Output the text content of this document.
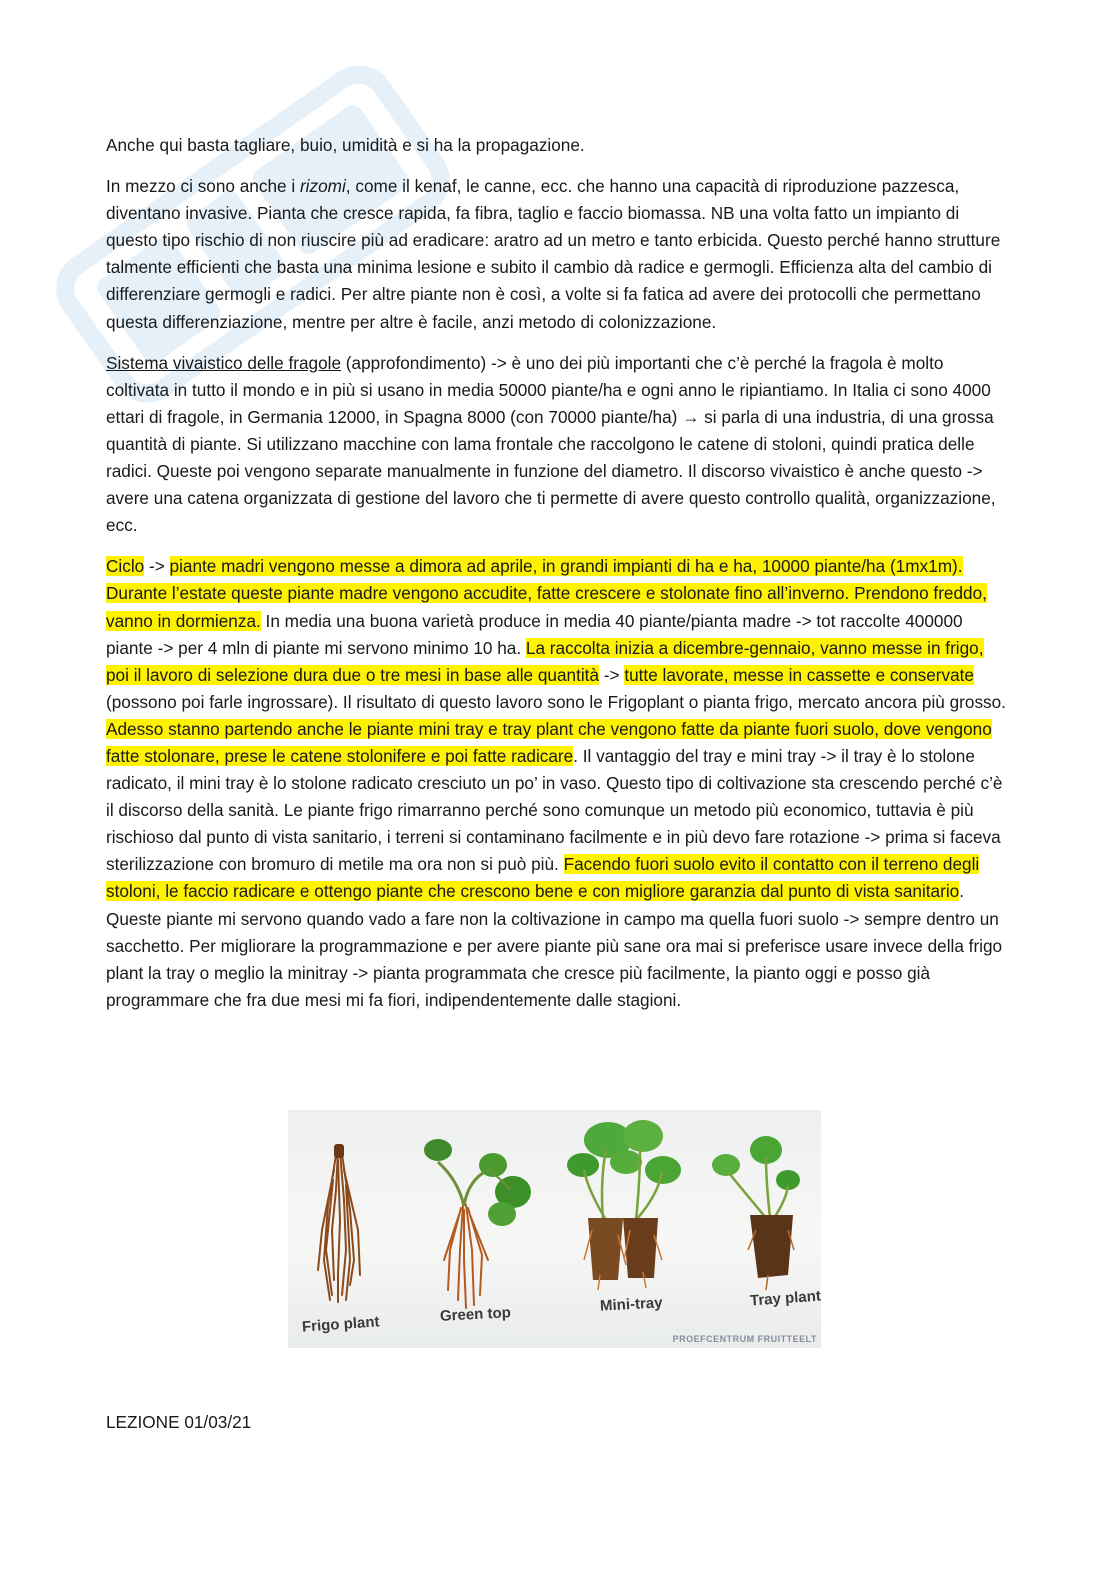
Anche qui basta tagliare, buio, umidità e si ha la propagazione.

In mezzo ci sono anche i rizomi, come il kenaf, le canne, ecc. che hanno una capacità di riproduzione pazzesca, diventano invasive. Pianta che cresce rapida, fa fibra, taglio e faccio biomassa. NB una volta fatto un impianto di questo tipo rischio di non riuscire più ad eradicare: aratro ad un metro e tanto erbicida. Questo perché hanno strutture talmente efficienti che basta una minima lesione e subito il cambio dà radice e germogli. Efficienza alta del cambio di differenziare germogli e radici. Per altre piante non è così, a volte si fa fatica ad avere dei protocolli che permettano questa differenziazione, mentre per altre è facile, anzi metodo di colonizzazione.

Sistema vivaistico delle fragole (approfondimento) -> è uno dei più importanti che c’è perché la fragola è molto coltivata in tutto il mondo e in più si usano in media 50000 piante/ha e ogni anno le ripiantiamo. In Italia ci sono 4000 ettari di fragole, in Germania 12000, in Spagna 8000 (con 70000 piante/ha) → si parla di una industria, di una grossa quantità di piante. Si utilizzano macchine con lama frontale che raccolgono le catene di stoloni, quindi pratica delle radici. Queste poi vengono separate manualmente in funzione del diametro. Il discorso vivaistico è anche questo -> avere una catena organizzata di gestione del lavoro che ti permette di avere questo controllo qualità, organizzazione, ecc.

Ciclo -> piante madri vengono messe a dimora ad aprile, in grandi impianti di ha e ha, 10000 piante/ha (1mx1m). Durante l’estate queste piante madre vengono accudite, fatte crescere e stolonate fino all’inverno. Prendono freddo, vanno in dormienza. In media una buona varietà produce in media 40 piante/pianta madre -> tot raccolte 400000 piante -> per 4 mln di piante mi servono minimo 10 ha. La raccolta inizia a dicembre-gennaio, vanno messe in frigo, poi il lavoro di selezione dura due o tre mesi in base alle quantità -> tutte lavorate, messe in cassette e conservate (possono poi farle ingrossare). Il risultato di questo lavoro sono le Frigoplant o pianta frigo, mercato ancora più grosso. Adesso stanno partendo anche le piante mini tray e tray plant che vengono fatte da piante fuori suolo, dove vengono fatte stolonare, prese le catene stolonifere e poi fatte radicare. Il vantaggio del tray e mini tray -> il tray è lo stolone radicato, il mini tray è lo stolone radicato cresciuto un po’ in vaso. Questo tipo di coltivazione sta crescendo perché c’è il discorso della sanità. Le piante frigo rimarranno perché sono comunque un metodo più economico, tuttavia è più rischioso dal punto di vista sanitario, i terreni si contaminano facilmente e in più devo fare rotazione -> prima si faceva sterilizzazione con bromuro di metile ma ora non si può più. Facendo fuori suolo evito il contatto con il terreno degli stoloni, le faccio radicare e ottengo piante che crescono bene e con migliore garanzia dal punto di vista sanitario. Queste piante mi servono quando vado a fare non la coltivazione in campo ma quella fuori suolo -> sempre dentro un sacchetto. Per migliorare la programmazione e per avere piante più sane ora mai si preferisce usare invece della frigo plant la tray o meglio la minitray -> pianta programmata che cresce più facilmente, la pianto oggi e posso già programmare che fra due mesi mi fa fiori, indipendentemente dalle stagioni.

Frigo plant	Green top	Mini-tray	Tray plant
PROEFCENTRUM FRUITTEELT
LEZIONE 01/03/21
